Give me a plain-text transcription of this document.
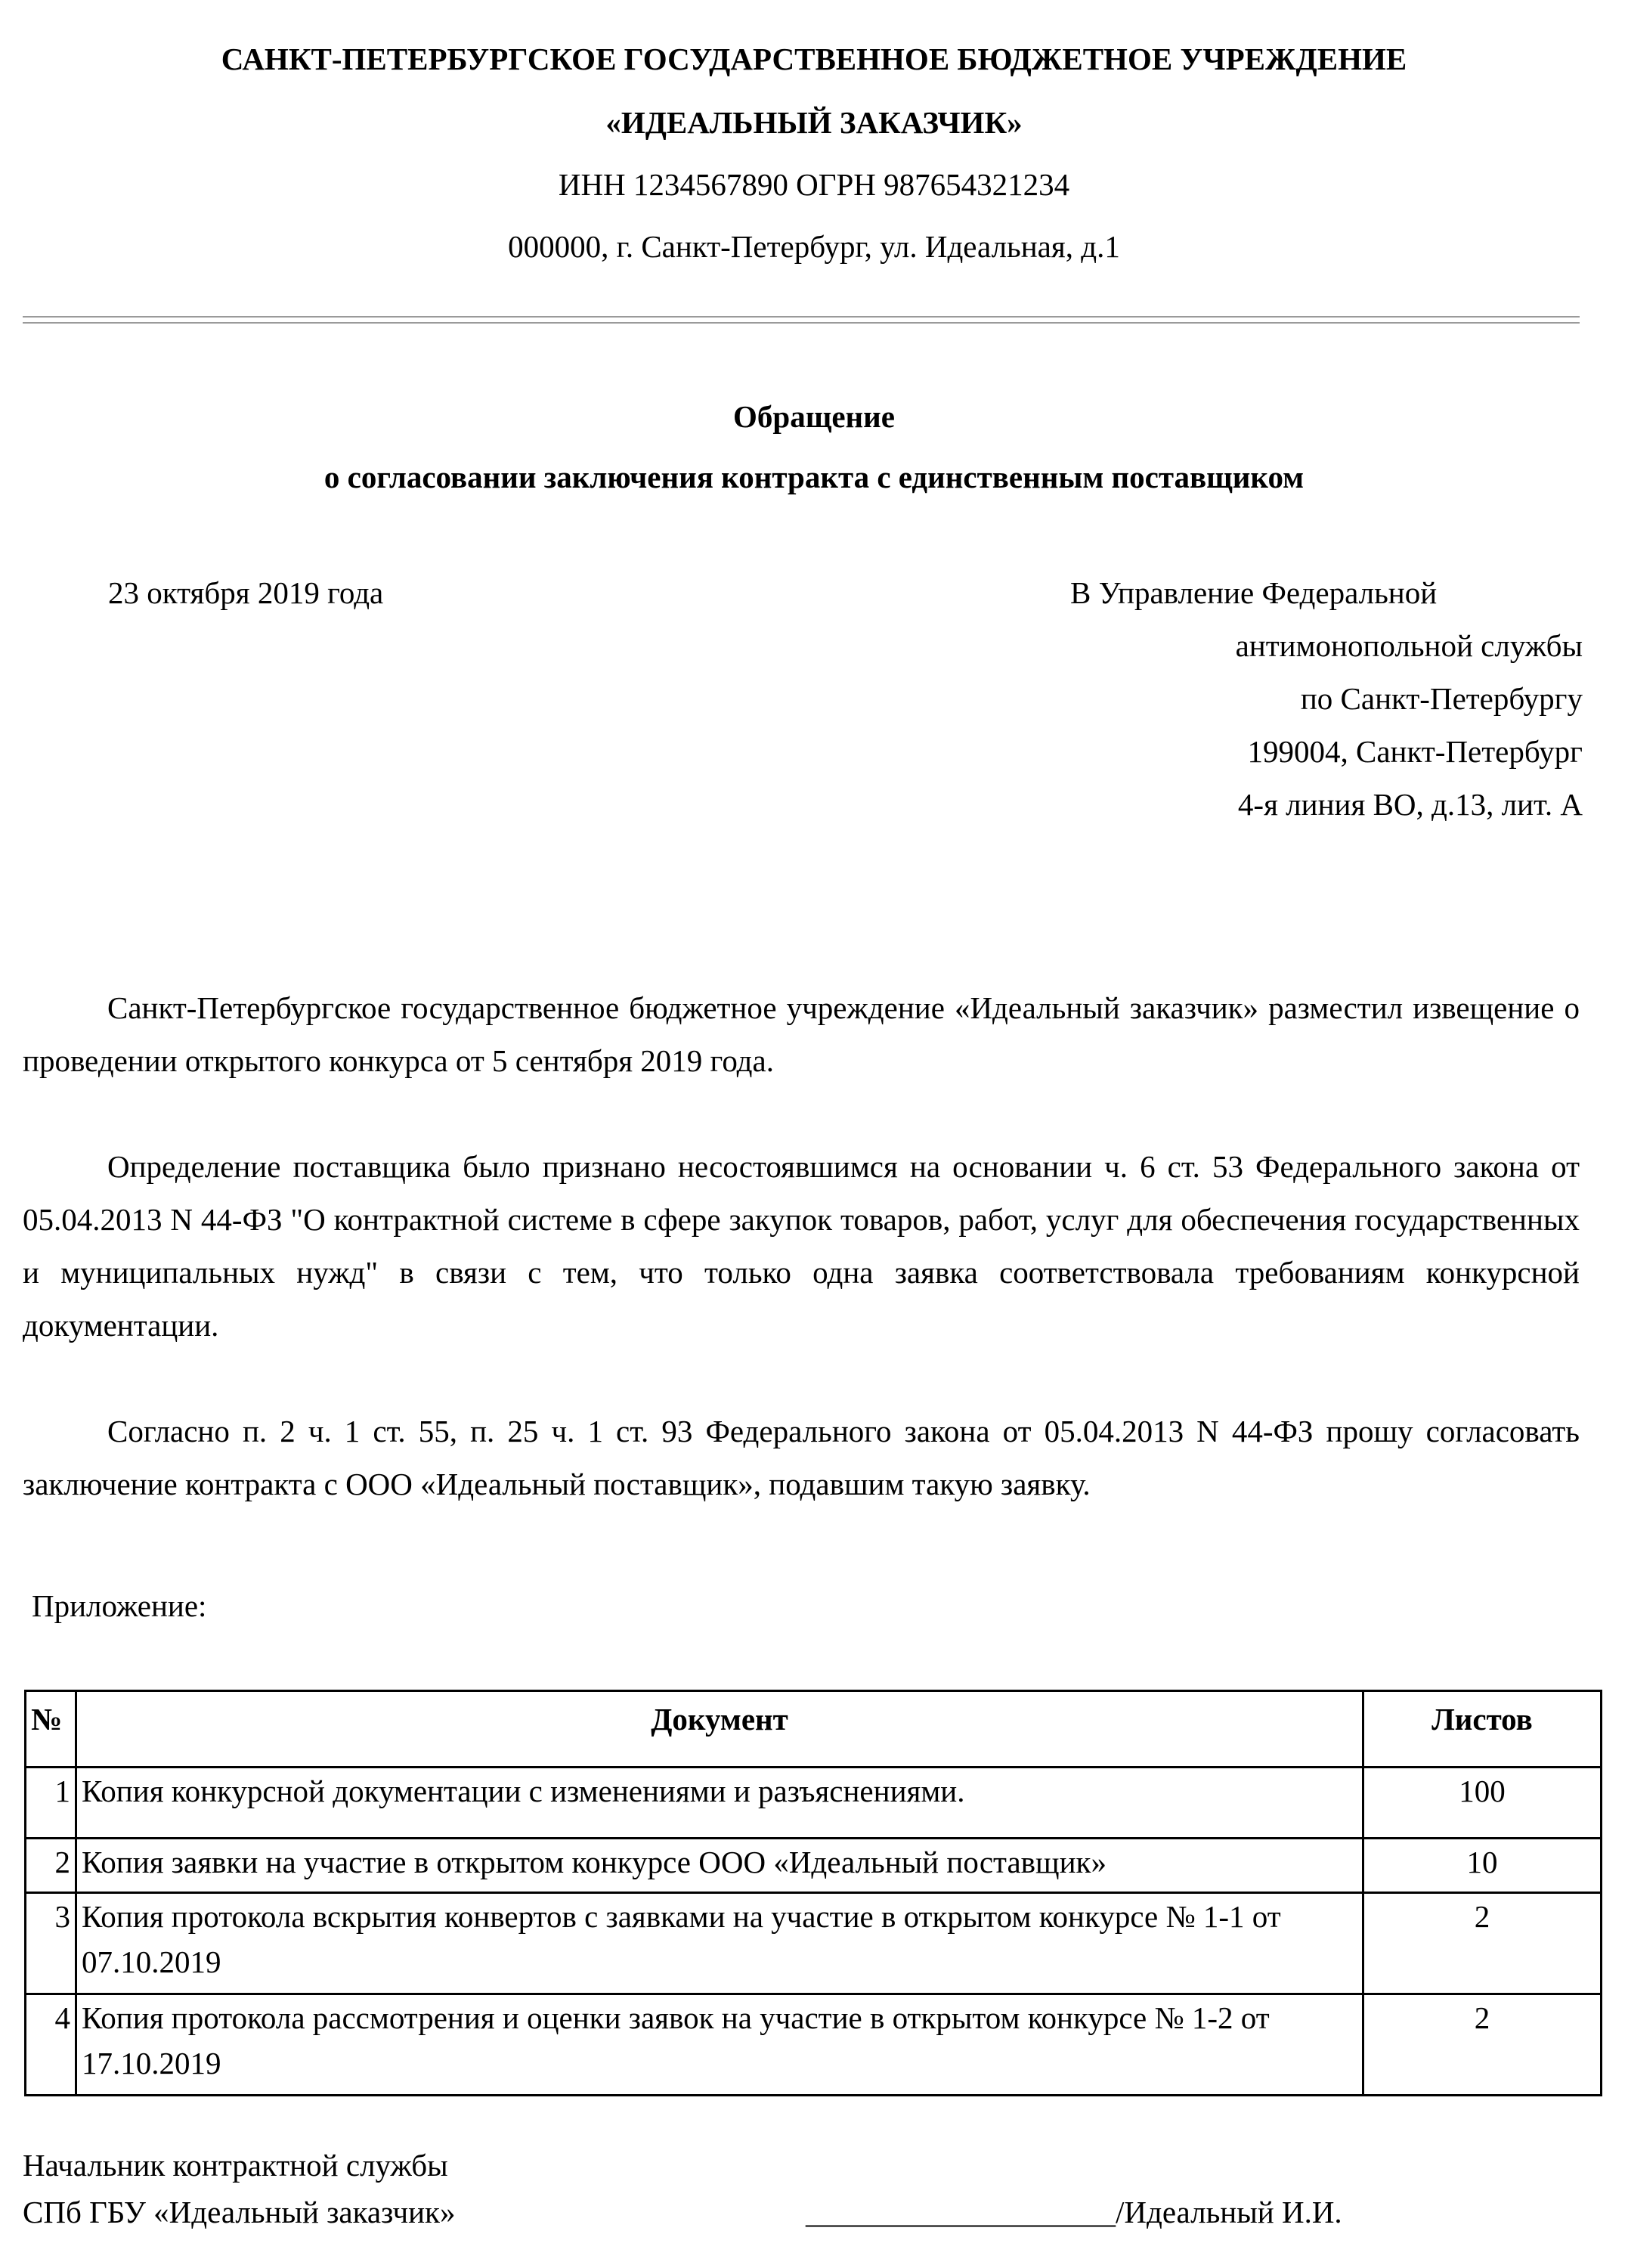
САНКТ-ПЕТЕРБУРГСКОЕ ГОСУДАРСТВЕННОЕ БЮДЖЕТНОЕ УЧРЕЖДЕНИЕ
«ИДЕАЛЬНЫЙ ЗАКАЗЧИК»
ИНН 1234567890 ОГРН 987654321234
000000, г. Санкт-Петербург, ул. Идеальная, д.1
Обращение
о согласовании заключения контракта с единственным поставщиком
23 октября 2019 года	В Управление Федеральной
антимонопольной службы
по Санкт-Петербургу
199004, Санкт-Петербург
4-я линия ВО, д.13, лит. А

Санкт-Петербургское государственное бюджетное учреждение «Идеальный заказчик» разместил извещение о проведении открытого конкурса от 5 сентября 2019 года.

Определение поставщика было признано несостоявшимся на основании ч. 6 ст. 53 Федерального закона от 05.04.2013 N 44-ФЗ "О контрактной системе в сфере закупок товаров, работ, услуг для обеспечения государственных и муниципальных нужд" в связи с тем, что только одна заявка соответствовала требованиям конкурсной документации.

Согласно п. 2 ч. 1 ст. 55, п. 25 ч. 1 ст. 93 Федерального закона от 05.04.2013 N 44-ФЗ прошу согласовать заключение контракта с ООО «Идеальный поставщик», подавшим такую заявку.

Приложение:
№	Документ	Листов
1	Копия конкурсной документации с изменениями и разъяснениями.	100
2	Копия заявки на участие в открытом конкурсе ООО «Идеальный поставщик»	10
3	Копия протокола вскрытия конвертов с заявками на участие в открытом конкурсе № 1-1 от 07.10.2019	2
4	Копия протокола рассмотрения и оценки заявок на участие в открытом конкурсе № 1-2 от 17.10.2019	2
Начальник контрактной службы
СПб ГБУ «Идеальный заказчик»	____________________/Идеальный И.И.
